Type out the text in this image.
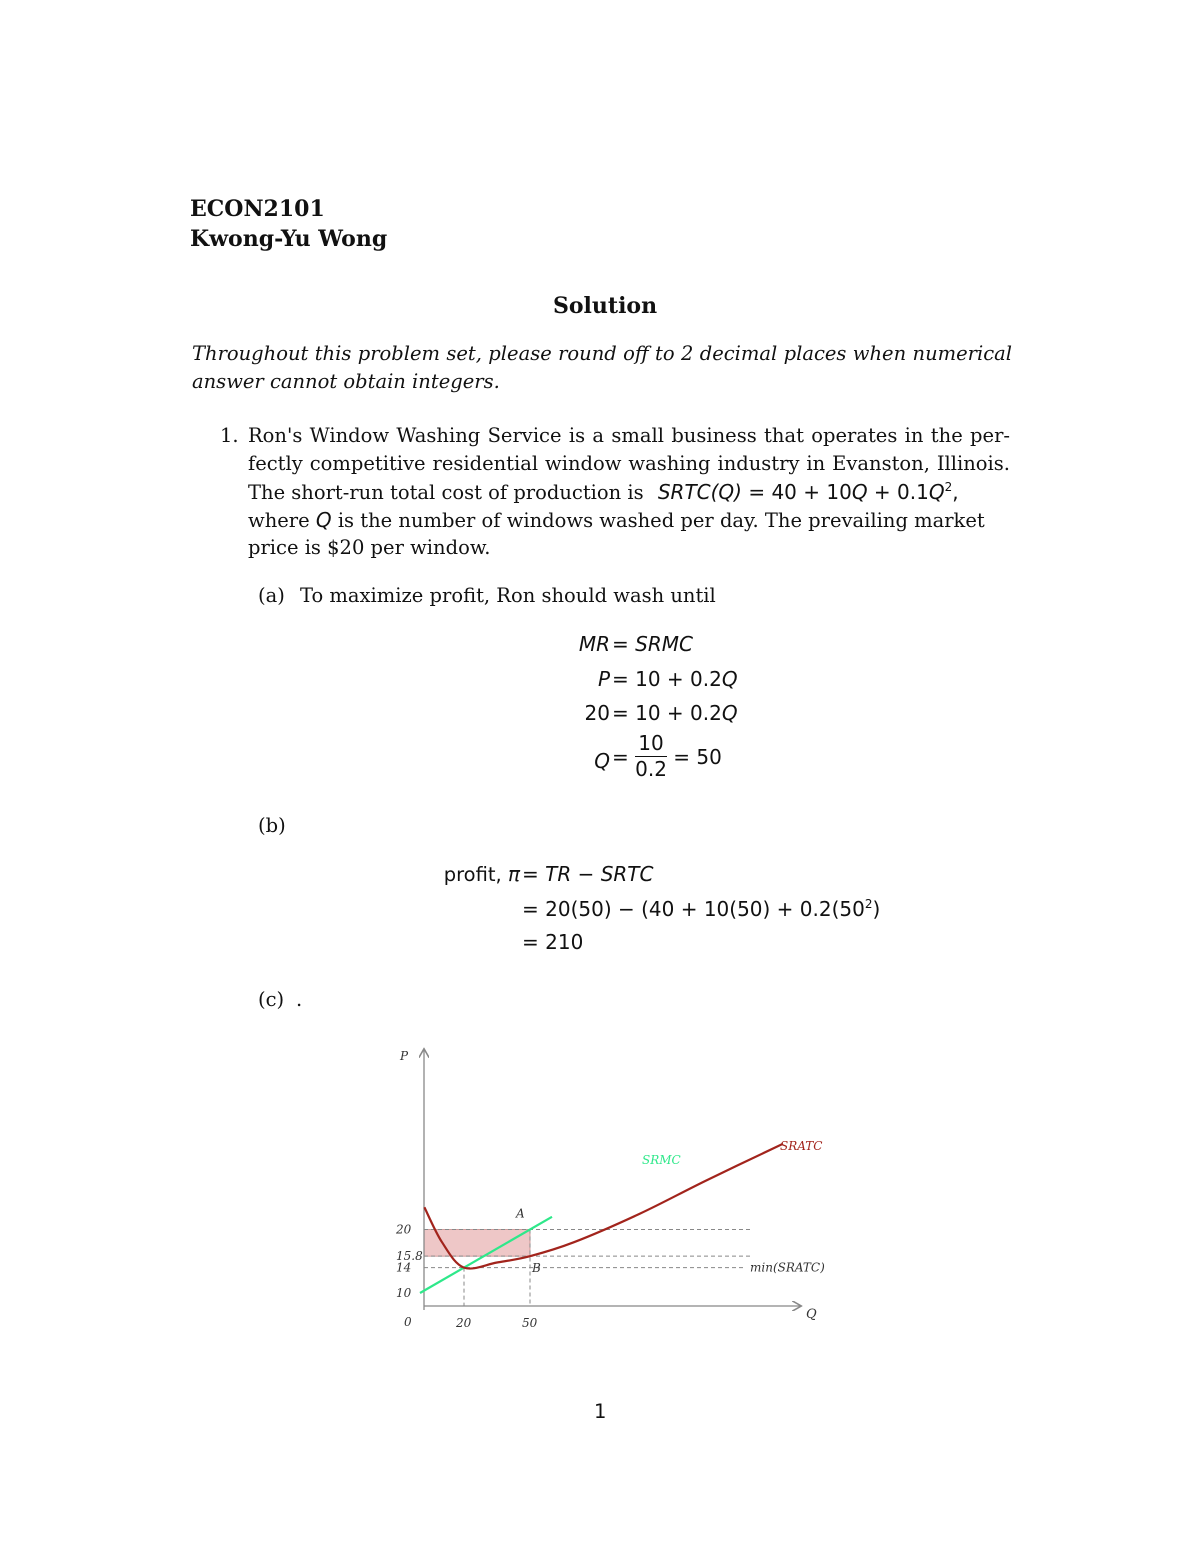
ECON2101
Kwong-Yu Wong
Solution
Throughout this problem set, please round off to 2 decimal places when numerical
answer cannot obtain integers.
1. Ron's Window Washing Service is a small business that operates in the per-
fectly competitive residential window washing industry in Evanston, Illinois.
The short-run total cost of production is SRTC(Q) = $40 + 10Q + 0.1Q^2$,
where Q is the number of windows washed per day. The prevailing market
price is $20 per window.
(a) To maximize profit, Ron should wash until
MR = SRMC
P = 10 + 0.2Q
20 = 10 + 0.2Q
$Q = \frac{10}{0.2} = 50$
(b)
profit, π = TR − SRTC
= $20(50) - (40 + 10(50) + 0.2(50^2)$
= 210
(c) .
P
Q
0
20
15.8
14
10
20	50
SRMC
SRATC
A
B	min(SRATC)
1
